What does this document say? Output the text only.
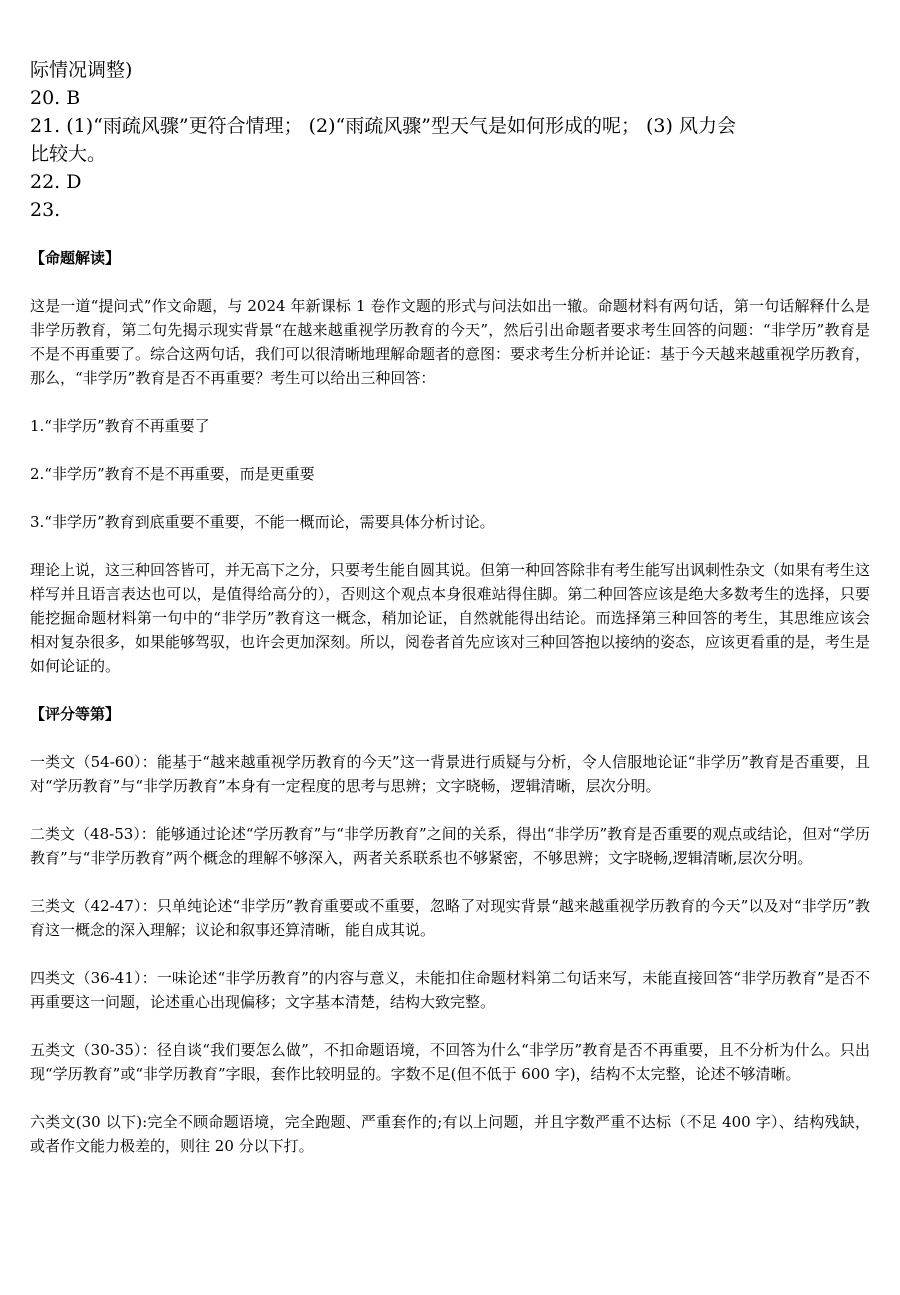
际情况调整)

20. B

21. (1)“雨疏风骤”更符合情理； (2)“雨疏风骤”型天气是如何形成的呢； (3) 风力会

比较大。

22. D

23.

【命题解读】

这是一道“提问式”作文命题，与 2024 年新课标 1 卷作文题的形式与问法如出一辙。命题材料有两句话，第一句话解释什么是非学历教育，第二句先揭示现实背景“在越来越重视学历教育的今天”，然后引出命题者要求考生回答的问题：“非学历”教育是不是不再重要了。综合这两句话，我们可以很清晰地理解命题者的意图：要求考生分析并论证：基于今天越来越重视学历教育，那么，“非学历”教育是否不再重要？考生可以给出三种回答：

1.“非学历”教育不再重要了

2.“非学历”教育不是不再重要，而是更重要

3.“非学历”教育到底重要不重要，不能一概而论，需要具体分析讨论。

理论上说，这三种回答皆可，并无高下之分，只要考生能自圆其说。但第一种回答除非有考生能写出讽刺性杂文（如果有考生这样写并且语言表达也可以，是值得给高分的），否则这个观点本身很难站得住脚。第二种回答应该是绝大多数考生的选择，只要能挖掘命题材料第一句中的“非学历”教育这一概念，稍加论证，自然就能得出结论。而选择第三种回答的考生，其思维应该会相对复杂很多，如果能够驾驭，也许会更加深刻。所以，阅卷者首先应该对三种回答抱以接纳的姿态，应该更看重的是，考生是如何论证的。

【评分等第】

一类文（54-60）：能基于“越来越重视学历教育的今天”这一背景进行质疑与分析，令人信服地论证“非学历”教育是否重要，且对“学历教育”与“非学历教育”本身有一定程度的思考与思辨；文字晓畅，逻辑清晰，层次分明。

二类文（48-53）：能够通过论述“学历教育”与“非学历教育”之间的关系，得出“非学历”教育是否重要的观点或结论，但对“学历教育”与“非学历教育”两个概念的理解不够深入，两者关系联系也不够紧密，不够思辨；文字晓畅,逻辑清晰,层次分明。

三类文（42-47）：只单纯论述“非学历”教育重要或不重要，忽略了对现实背景“越来越重视学历教育的今天”以及对“非学历”教育这一概念的深入理解；议论和叙事还算清晰，能自成其说。

四类文（36-41）：一味论述“非学历教育”的内容与意义，未能扣住命题材料第二句话来写，未能直接回答“非学历教育”是否不再重要这一问题，论述重心出现偏移；文字基本清楚，结构大致完整。

五类文（30-35）：径自谈“我们要怎么做”，不扣命题语境，不回答为什么“非学历”教育是否不再重要，且不分析为什么。只出现“学历教育”或“非学历教育”字眼，套作比较明显的。字数不足(但不低于 600 字)，结构不太完整，论述不够清晰。

六类文(30 以下):完全不顾命题语境，完全跑题、严重套作的;有以上问题，并且字数严重不达标（不足 400 字）、结构残缺，或者作文能力极差的，则往 20 分以下打。
